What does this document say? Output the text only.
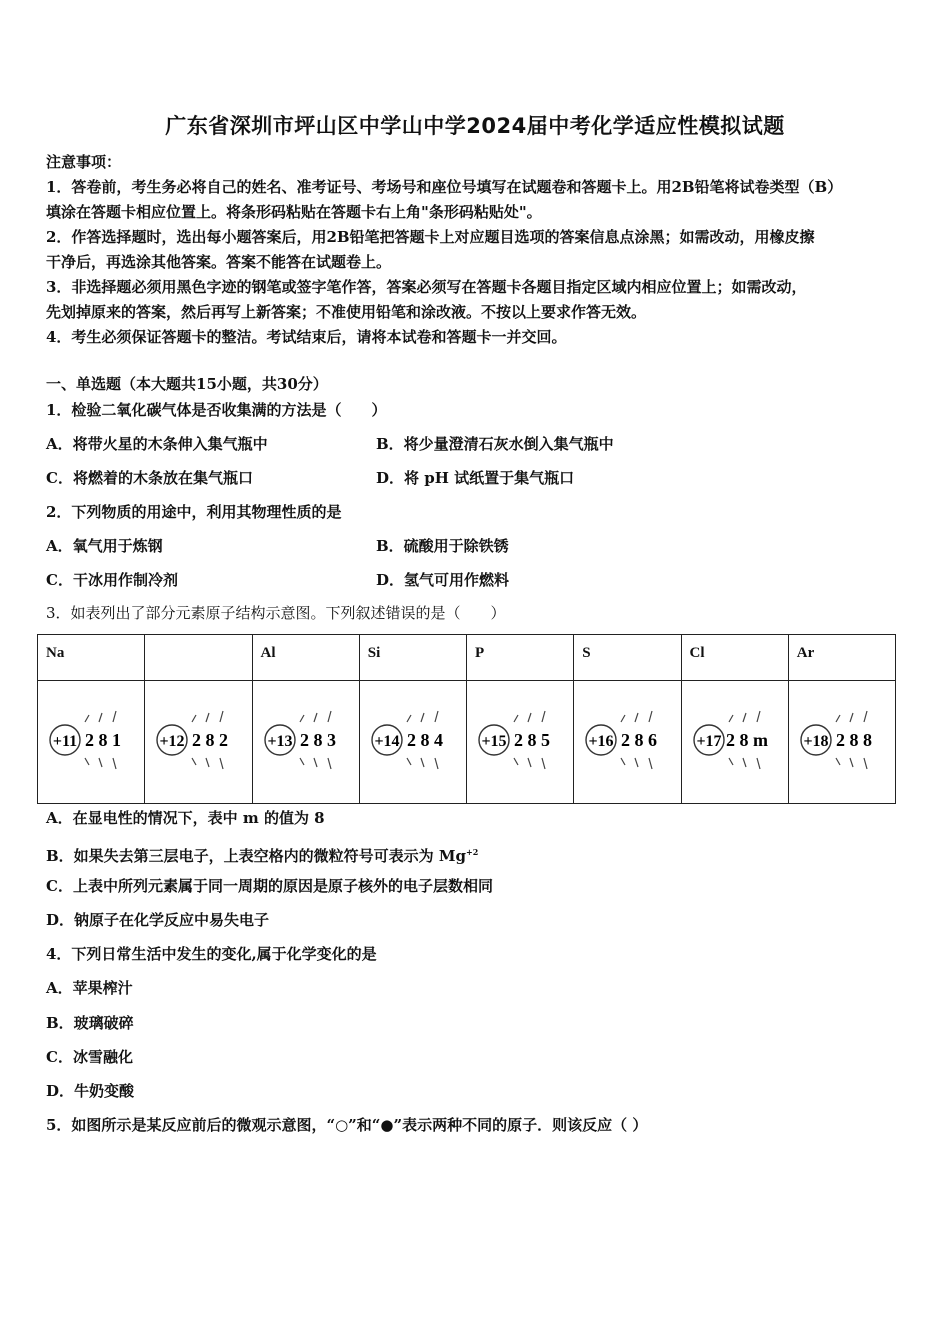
广东省深圳市坪山区中学山中学2024届中考化学适应性模拟试题
注意事项：
1．答卷前，考生务必将自己的姓名、准考证号、考场号和座位号填写在试题卷和答题卡上。用2B铅笔将试卷类型（B）
填涂在答题卡相应位置上。将条形码粘贴在答题卡右上角"条形码粘贴处"。
2．作答选择题时，选出每小题答案后，用2B铅笔把答题卡上对应题目选项的答案信息点涂黑；如需改动，用橡皮擦
干净后，再选涂其他答案。答案不能答在试题卷上。
3．非选择题必须用黑色字迹的钢笔或签字笔作答，答案必须写在答题卡各题目指定区域内相应位置上；如需改动，
先划掉原来的答案，然后再写上新答案；不准使用铅笔和涂改液。不按以上要求作答无效。
4．考生必须保证答题卡的整洁。考试结束后，请将本试卷和答题卡一并交回。
一、单选题（本大题共15小题，共30分）
1．检验二氧化碳气体是否收集满的方法是（　　）
A．将带火星的木条伸入集气瓶中	B．将少量澄清石灰水倒入集气瓶中
C．将燃着的木条放在集气瓶口	D．将 pH 试纸置于集气瓶口
2．下列物质的用途中，利用其物理性质的是
A．氧气用于炼钢	B．硫酸用于除铁锈
C．干冰用作制冷剂	D．氢气可用作燃料
3．如表列出了部分元素原子结构示意图。下列叙述错误的是（　　）
Na		Al	Si	P	S	Cl	Ar

+11 2 8 1	+12 2 8 2	+13 2 8 3	+14 2 8 4	+15 2 8 5	+16 2 8 6	+17 2 8 m	+18 2 8 8
A．在显电性的情况下，表中 m 的值为 8
B．如果失去第三层电子，上表空格内的微粒符号可表示为 $Mg^{+2}$
C．上表中所列元素属于同一周期的原因是原子核外的电子层数相同
D．钠原子在化学反应中易失电子
4．下列日常生活中发生的变化,属于化学变化的是
A．苹果榨汁
B．玻璃破碎
C．冰雪融化
D．牛奶变酸
5．如图所示是某反应前后的微观示意图，“○”和“●”表示两种不同的原子．则该反应（ ）
